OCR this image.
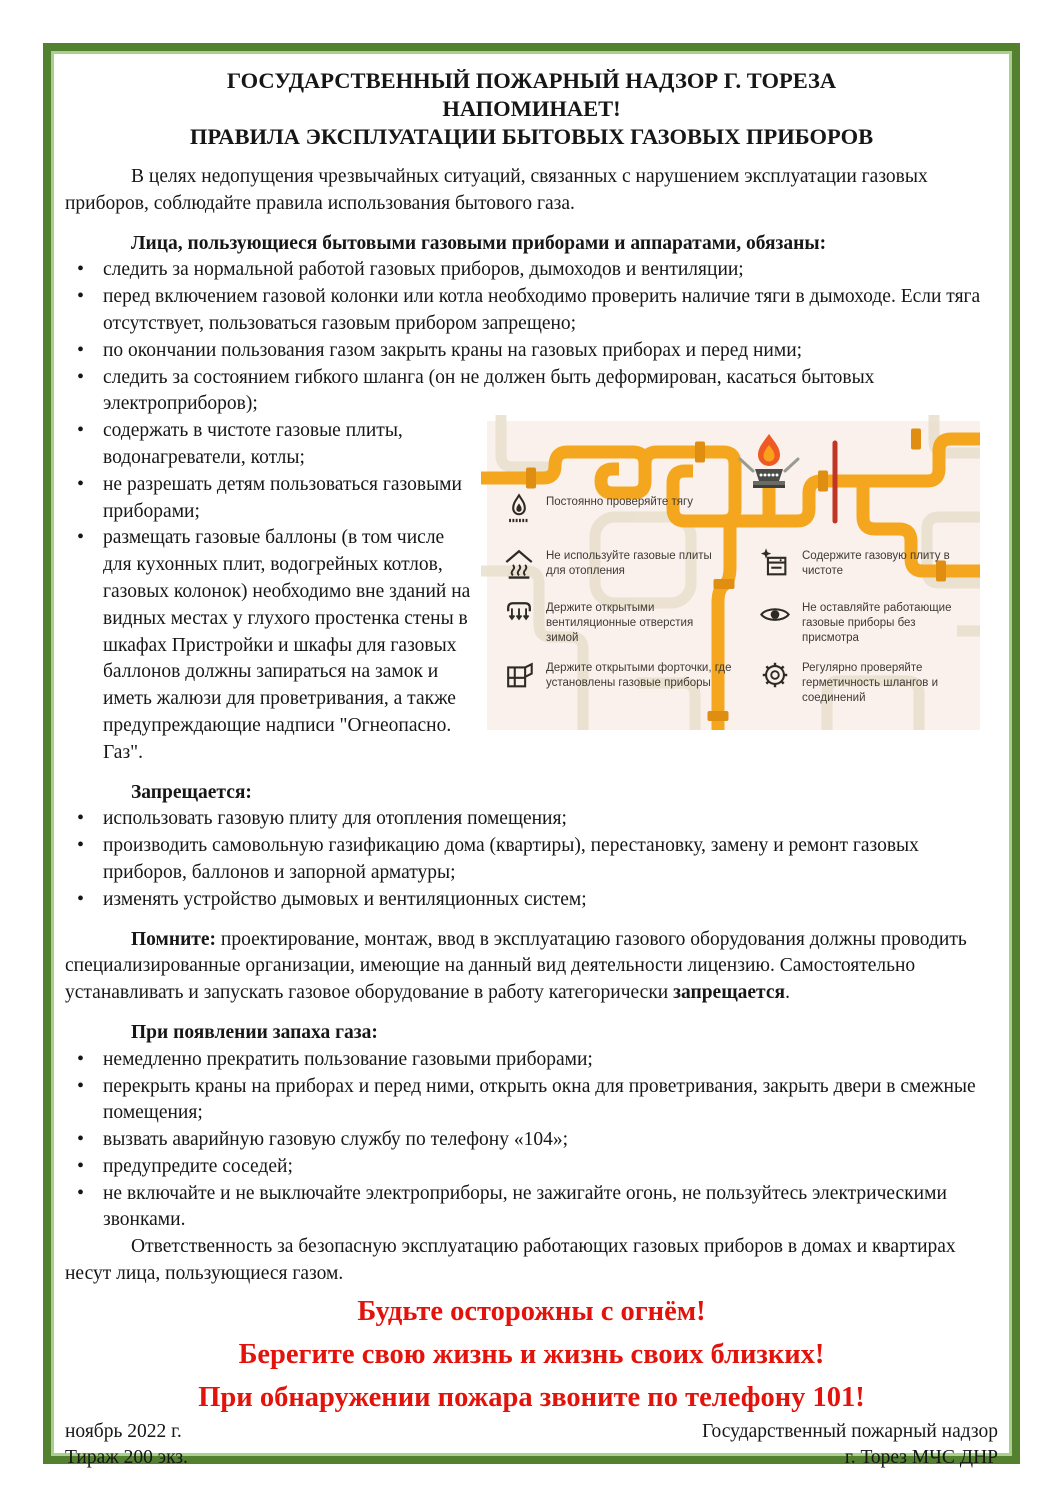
ГОСУДАРСТВЕННЫЙ ПОЖАРНЫЙ НАДЗОР Г. ТОРЕЗА
НАПОМИНАЕТ!
ПРАВИЛА ЭКСПЛУАТАЦИИ БЫТОВЫХ ГАЗОВЫХ ПРИБОРОВ

В целях недопущения чрезвычайных ситуаций, связанных с нарушением эксплуатации газовых приборов, соблюдайте правила использования бытового газа.

Лица, пользующиеся бытовыми газовыми приборами и аппаратами, обязаны:

• следить за нормальной работой газовых приборов, дымоходов и вентиляции;
• перед включением газовой колонки или котла необходимо проверить наличие тяги в дымоходе. Если тяга отсутствует, пользоваться газовым прибором запрещено;
• по окончании пользования газом закрыть краны на газовых приборах и перед ними;
• следить за состоянием гибкого шланга (он не должен быть деформирован, касаться бытовых электроприборов);
• Постоянно проверяйте тягу
Не используйте газовые плиты для отопления
Держите открытыми вентиляционные отверстия зимой
Держите открытыми форточки, где установлены газовые приборы
Содержите газовую плиту в чистоте
Не оставляйте работающие газовые приборы без присмотра
Регулярно проверяйте герметичность шлангов и соединений
содержать в чистоте газовые плиты, водонагреватели, котлы;
• не разрешать детям пользоваться газовыми приборами;
• размещать газовые баллоны (в том числе для кухонных плит, водогрейных котлов, газовых колонок) необходимо вне зданий на видных местах у глухого простенка стены в шкафах Пристройки и шкафы для газовых баллонов должны запираться на замок и иметь жалюзи для проветривания, а также предупреждающие надписи "Огнеопасно. Газ".

Запрещается:

• использовать газовую плиту для отопления помещения;
• производить самовольную газификацию дома (квартиры), перестановку, замену и ремонт газовых приборов, баллонов и запорной арматуры;
• изменять устройство дымовых и вентиляционных систем;

Помните: проектирование, монтаж, ввод в эксплуатацию газового оборудования должны проводить специализированные организации, имеющие на данный вид деятельности лицензию. Самостоятельно устанавливать и запускать газовое оборудование в работу категорически запрещается.

При появлении запаха газа:

• немедленно прекратить пользование газовыми приборами;
• перекрыть краны на приборах и перед ними, открыть окна для проветривания, закрыть двери в смежные помещения;
• вызвать аварийную газовую службу по телефону «104»;
• предупредите соседей;
• не включайте и не выключайте электроприборы, не зажигайте огонь, не пользуйтесь электрическими звонками.

Ответственность за безопасную эксплуатацию работающих газовых приборов в домах и квартирах несут лица, пользующиеся газом.

Будьте осторожны с огнём!
Берегите свою жизнь и жизнь своих близких!
При обнаружении пожара звоните по телефону 101!
ноябрь 2022 г.
Тираж 200 экз.
Государственный пожарный надзор
г. Торез МЧС ДНР
